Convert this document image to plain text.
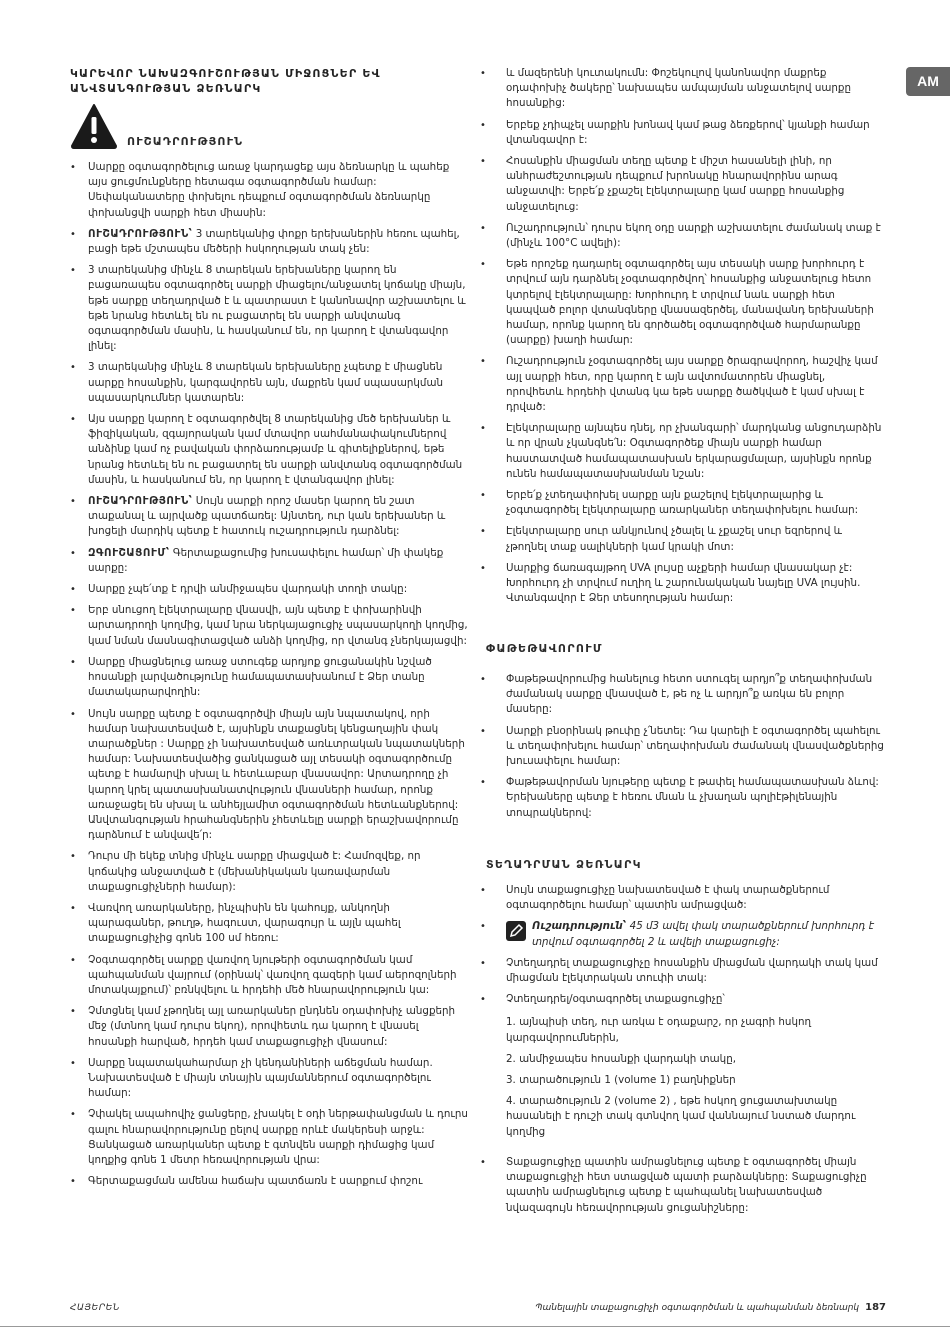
AM
ԿԱՐԵՎՈՐ ՆԱԽԱԶԳՈՒՇՈՒԹՅԱՆ ՄԻՋՈՑՆԵՐ ԵՎ ԱՆՎՏԱՆԳՈՒԹՅԱՆ ՁԵՌՆԱՐԿ
ՈՒՇԱԴՐՈՒԹՅՈՒՆ
• Սարքը օգտագործելուց առաջ կարդացեք այս ձեռնարկը և պահեք այս ցուցմունքները հետագա օգտագործման համար: Սեփականատերը փոխելու դեպքում օգտագործման ձեռնարկը փոխանցվի սարքի հետ միասին:
• ՈՒՇԱԴՐՈՒԹՅՈՒՆ՝ 3 տարեկանից փոքր երեխաներին հեռու պահել, բացի եթե մշտապես մեծերի հսկողության տակ չեն:
• 3 տարեկանից մինչև 8 տարեկան երեխաները կարող են բացառապես օգտագործել սարքի միացելու/անջատել կոճակը միայն, եթե սարքը տեղադրված է և պատրաստ է կանոնավոր աշխատելու և եթե նրանց հետևել են ու բացատրել են սարքի անվտանգ օգտագործման մասին, և հասկանում են, որ կարող է վտանգավոր լինել:
• 3 տարեկանից մինչև 8 տարեկան երեխաները չպետք է միացնեն սարքը հոսանքին, կարգավորեն այն, մաքրեն կամ սպասարկման սպասարկումներ կատարեն:
• Այս սարքը կարող է օգտագործվել 8 տարեկանից մեծ երեխաներ և ֆիզիկական, զգայորական կամ մտավոր սահմանափակումներով անձինք կամ ոչ բավական փորձառությամբ և գիտելիքներով, եթե նրանց հետևել են ու բացատրել են սարքի անվտանգ օգտագործման մասին, և հասկանում են, որ կարող է վտանգավոր լինել:
• ՈՒՇԱԴՐՈՒԹՅՈՒՆ՝ Սույն սարքի որոշ մասեր կարող են շատ տաքանալ և այրվածք պատճառել: Այնտեղ, ուր կան երեխաներ և խոցելի մարդիկ պետք է հատուկ ուշադրություն դարձնել:
• ԶԳՈՒՇԱՑՈՒՄ՝ Գերտաքացումից խուսափելու համար՝ մի փակեք սարքը:
• Սարքը չպե՛տք է դրվի անմիջապես վարդակի տողի տակը:
• Երբ սնուցող էլեկտրալարը վնասվի, այն պետք է փոխարինվի արտադրողի կողմից, կամ նրա ներկայացուցիչ սպասարկողի կողմից, կամ նման մասնագիտացված անձի կողմից, որ վտանգ չներկայացվի:
• Սարքը միացնելուց առաջ ստուգեք արդյոք ցուցանակին նշված հոսանքի լարվածությունը համապատասխանում է Ձեր տանը մատակարարվողին:
• Սույն սարքը պետք է օգտագործվի միայն այն նպատակով, որի համար նախատեսված է, այսինքն տաքացնել կենցաղային փակ տարածքներ : Սարքը չի նախատեսված առևտրական նպատակների համար: Նախատեսվածից ցանկացած այլ տեսակի օգտագործումը պետք է համարվի սխալ և հետևաբար վնասավոր: Արտադրողը չի կարող կրել պատասխանատվություն վնասների համար, որոնք առաջացել են սխալ և անհեյլամիտ օգտագործման հետևանքներով: Անվտանգության հրահանգներին չհետևելը սարքի երաշխավորումը դարձնում է անվավե՛ր:
• Դուրս մի եկեք տնից մինչև սարքը միացված է: Համոզվեք, որ կոճակից անջատված է (մեխանիկական կառավարման տաքացուցիչների համար):
• Վառվող առարկաները, ինչպիսին են կահույք, անկողնի պարագաներ, թուղթ, հագուստ, վարագույր և այլն պահել տաքացուցիչից գոնե 100 սմ հեռու:
• Չօգտագործել սարքը վառվող նյութերի օգտագործման կամ պահպանման վայրում (օրինակ՝ վառվող գազերի կամ աերոզոլների մոտակայքում)՝ բռնկվելու և հրդեհի մեծ հնարավորություն կա:
• Չմտցնել կամ չթողնել այլ առարկաներ ընդնեն օդափոխիչ անցքերի մեջ (մտնող կամ դուրս եկող), որովհետև դա կարող է վնասել հոսանքի հարված, հրդեհ կամ տաքացուցիչի վնասում:
• Սարքը նպատակահարմար չի կենդանիների աճեցման համար. Նախատեսված է միայն տնային պայմաններում օգտագործելու համար:
• Չփակել ապահովիչ ցանցերը, չխակել է օդի ներթափանցման և դուրս գալու հնարավորությունը ըելով սարքը որևէ մակերեսի արջև: Ցանկացած առարկաներ պետք է գտնվեն սարքի դիմացից կամ կողքից գոնե 1 մետր հեռավորության վրա:
• Գերտաքացման ամենա հաճախ պատճառն է սարքում փոշու
• և մազերենի կուտակումն: Փոշեկուլով կանոնավոր մաքրեք օդափոխիչ ծակերը՝ նախապես ամպայման անջատելով սարքը հոսանքից:
• Երբեք չդիպչել սարքին խոնավ կամ թաց ձեռքերով՝ կյանքի համար վտանգավոր է:
• Հոսանքին միացման տեղը պետք է միշտ հասանելի լինի, որ անհրաժեշտության դեպքում խրոնակը հնարավորինս արագ անջատվի: Երբե՛ք չքաշել էլեկտրալարը կամ սարքը հոսանքից անջատելուց:
• Ուշադրություն՝ դուրս եկող օդը սարքի աշխատելու ժամանակ տաք է (մինչև 100°C ավելի):
• Եթե որոշեք դադարել օգտագործել այս տեսակի սարք խորհուրդ է տրվում այն դարձնել չօգտագործվող՝ հոսանքից անջատելուց հետո կտրելով էլեկտրալարը: Խորհուրդ է տրվում նաև սարքի հետ կապված բոլոր վտանգները վնասազերծել, մանավանդ երեխաների համար, որոնք կարող են գործածել օգտագործված հարմարանքը (սարքը) խաղի համար:
• Ուշադրություն չօգտագործել այս սարքը ծրագրավորող, հաշվիչ կամ այլ սարքի հետ, որը կարող է այն ավտոմատորեն միացնել, որովհետև հրդեհի վտանգ կա եթե սարքը ծածկված է կամ սխալ է դրված:
• Էլեկտրալարը այնպես դնել, որ չխանգարի՝ մարդկանց անցուդարձին և որ վրան չկանգնե՛ն: Օգտագործեք միայն սարքի համար հաստատված համապատասխան երկարացմալար, այսինքն որոնք ունեն համապատասխանման նշան:
• Երբե՛ք չտեղափոխել սարքը այն քաշելով էլեկտրալարից և չօգտագործել էլեկտրալարը առարկաներ տեղափոխելու համար:
• Էլեկտրալարը սուր անկյունով չծալել և չքաշել սուր եզրերով և չթողնել տաք սալիկների կամ կրակի մոտ:
• Սարքից ճառագայթող UVA լույսը աչքերի համար վնասակար չէ: Խորհուրդ չի տրվում ուղիղ և շարունակական նայելը UVA լույսին. Վտանգավոր է Ձեր տեսողության համար:
ՓԱԹԵԹԱՎՈՐՈՒՄ
• Փաթեթավորումից հանելուց հետո ստուգել արդյո՞ք տեղափոխման ժամանակ սարքը վնասված է, թե ոչ և արդյո՞ք առկա են բոլոր մասերը:
• Սարքի բնօրինակ թուփը չ՛նետել: Դա կարելի է օգտագործել պահելու և տեղափոխելու համար՝ տեղափոխման ժամանակ վնասվածքներից խուսափելու համար:
• Փաթեթավորման նյութերը պետք է թափել համապատասխան ձևով: Երեխաները պետք է հեռու մնան և չխաղան պոլիէթիլենային տոպրակներով:
ՏԵՂԱԴՐՄԱՆ ՁԵՌՆԱՐԿ
• Սույն տաքացուցիչը նախատեսված է փակ տարածքներում օգտագործելու համար՝ պատին ամրացված:
• Ուշադրություն՝ 45 մ3 ավել փակ տարածքներում խորհուրդ է տրվում օգտագործել 2 և ավելի տաքացուցիչ:
• Չտեղադրել տաքացուցիչը հոսանքին միացման վարդակի տակ կամ միացման էլեկտրական տուփի տակ:
• Չտեղադրել/օգտագործել տաքացուցիչը՝
1. այնպիսի տեղ, ուր առկա է օդաքարշ, որ չագրի հսկող կարգավորումներին,
2. անմիջապես հոսանքի վարդակի տակը,
3. տարածություն 1 (volume 1) բաղնիքներ
4. տարածություն 2 (volume 2) , եթե հսկող ցուցատախտակը հասանելի է դուշի տակ գտնվող կամ վաննայում նստած մարդու կողմից
• Տաքացուցիչը պատին ամրացնելուց պետք է օգտագործել միայն տաքացուցիչի հետ ստացված պատի բարձակները: Տաքացուցիչը պատին ամրացնելուց պետք է պահպանել նախատեսված նվազագույն հեռավորության ցուցանիշները:
ՀԱՅԵՐԵՆ	Պանելային տաքացուցիչի օգտագործման և պահպանման ձեռնարկ 187
